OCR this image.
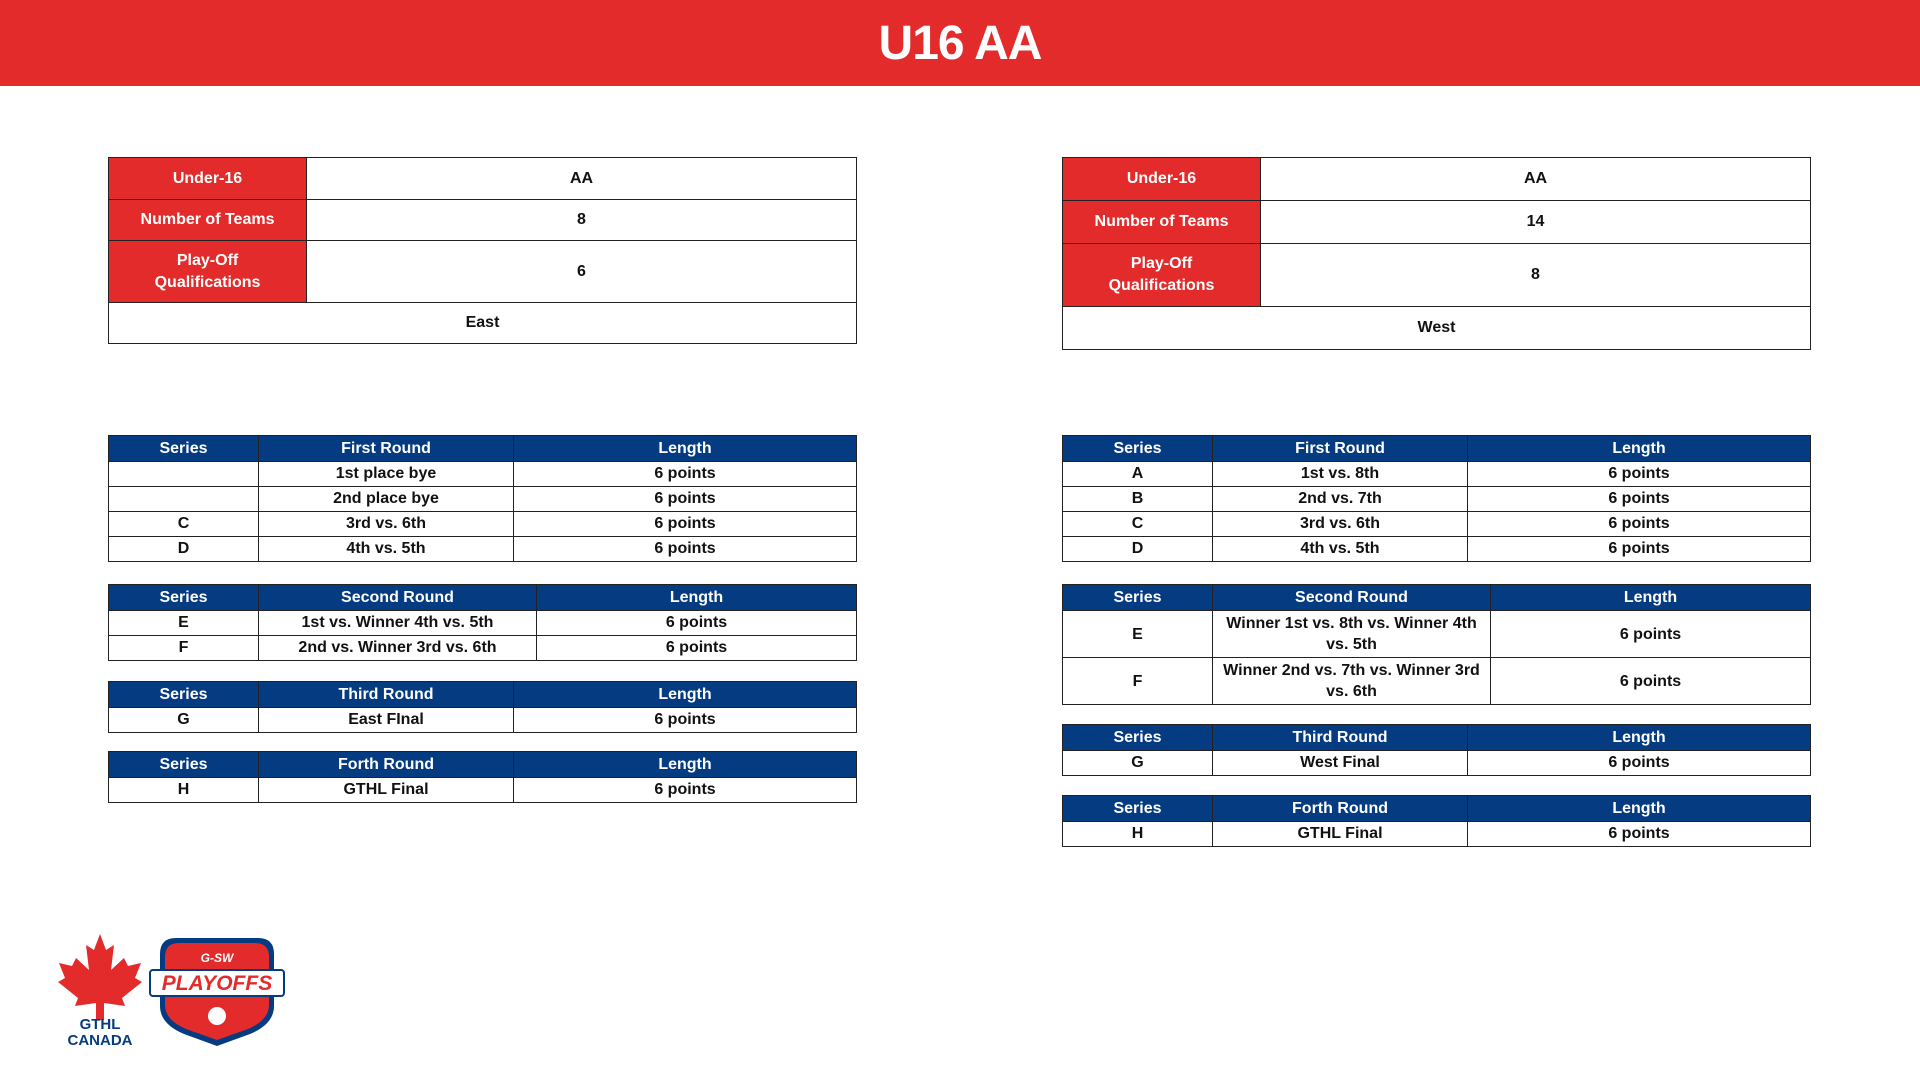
U16 AA
Under-16	AA
Number of Teams	8
Play-Off
Qualifications	6
East	
Series	First Round	Length
	1st place bye	6 points
	2nd place bye	6 points
C	3rd vs. 6th	6 points
D	4th vs. 5th	6 points
Series	Second Round	Length
E	1st vs. Winner 4th vs. 5th	6 points
F	2nd vs. Winner 3rd vs. 6th	6 points
Series	Third Round	Length
G	East FInal	6 points
Series	Forth Round	Length
H	GTHL Final	6 points
Under-16	AA
Number of Teams	14
Play-Off
Qualifications	8
West	
Series	First Round	Length
A	1st vs. 8th	6 points
B	2nd vs. 7th	6 points
C	3rd vs. 6th	6 points
D	4th vs. 5th	6 points
Series	Second Round	Length
E	Winner 1st vs. 8th vs. Winner 4th vs. 5th	6 points
F	Winner 2nd vs. 7th vs. Winner 3rd vs. 6th	6 points
Series	Third Round	Length
G	West Final	6 points
Series	Forth Round	Length
H	GTHL Final	6 points
GTHL
CANADA
G-SW
PLAYOFFS
